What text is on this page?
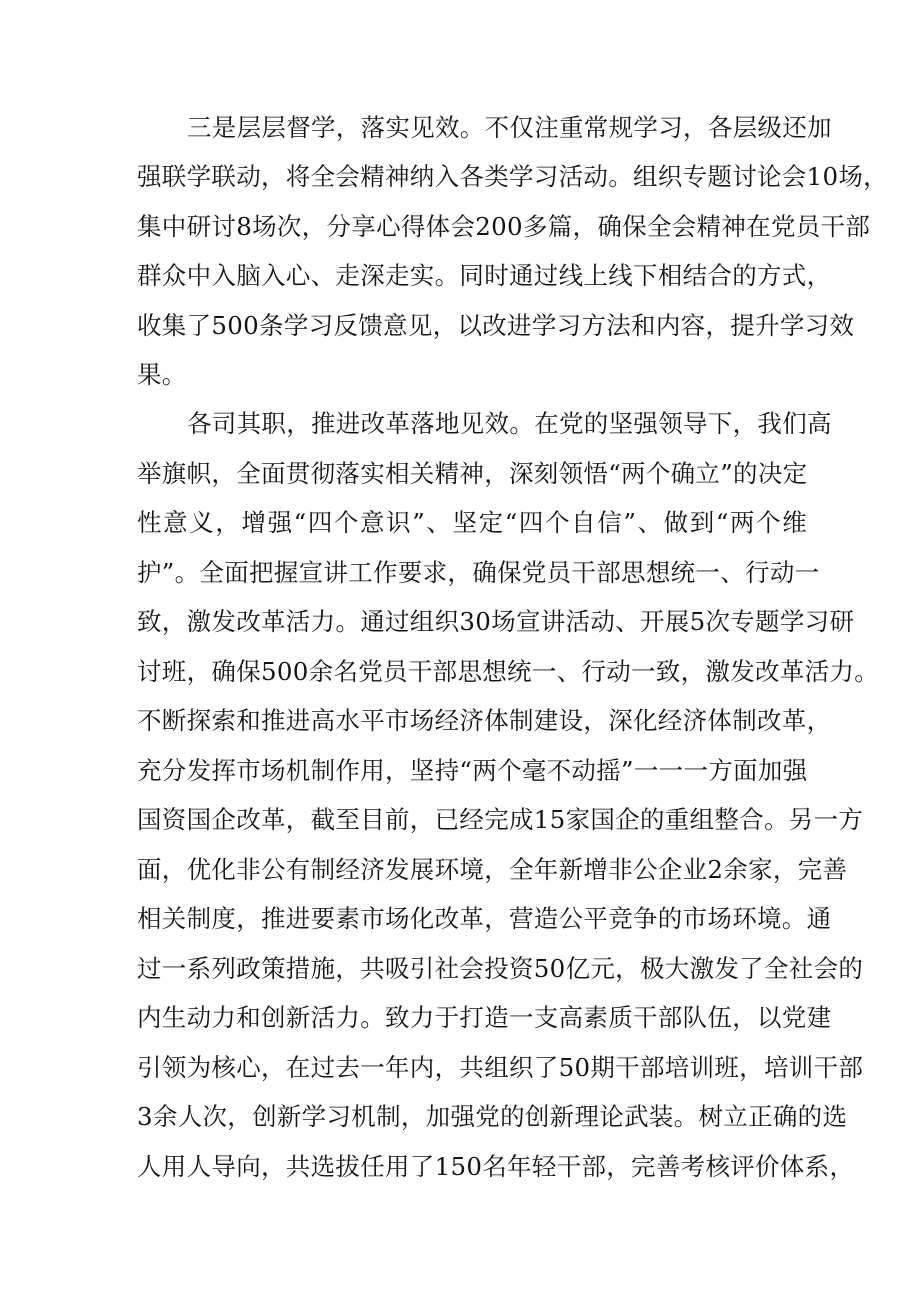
三是层层督学，落实见效。不仅注重常规学习，各层级还加
强联学联动，将全会精神纳入各类学习活动。组织专题讨论会10场，
集中研讨8场次，分享心得体会200多篇，确保全会精神在党员干部
群众中入脑入心、走深走实。同时通过线上线下相结合的方式，
收集了500条学习反馈意见，以改进学习方法和内容，提升学习效
果。
各司其职，推进改革落地见效。在党的坚强领导下，我们高
举旗帜，全面贯彻落实相关精神，深刻领悟“两个确立”的决定
性意义，增强“四个意识”、坚定“四个自信”、做到“两个维
护”。全面把握宣讲工作要求，确保党员干部思想统一、行动一
致，激发改革活力。通过组织30场宣讲活动、开展5次专题学习研
讨班，确保500余名党员干部思想统一、行动一致，激发改革活力。
不断探索和推进高水平市场经济体制建设，深化经济体制改革，
充分发挥市场机制作用，坚持“两个毫不动摇”一一一方面加强
国资国企改革，截至目前，已经完成15家国企的重组整合。另一方
面，优化非公有制经济发展环境，全年新增非公企业2余家，完善
相关制度，推进要素市场化改革，营造公平竞争的市场环境。通
过一系列政策措施，共吸引社会投资50亿元，极大激发了全社会的
内生动力和创新活力。致力于打造一支高素质干部队伍，以党建
引领为核心，在过去一年内，共组织了50期干部培训班，培训干部
3余人次，创新学习机制，加强党的创新理论武装。树立正确的选
人用人导向，共选拔任用了150名年轻干部，完善考核评价体系，
